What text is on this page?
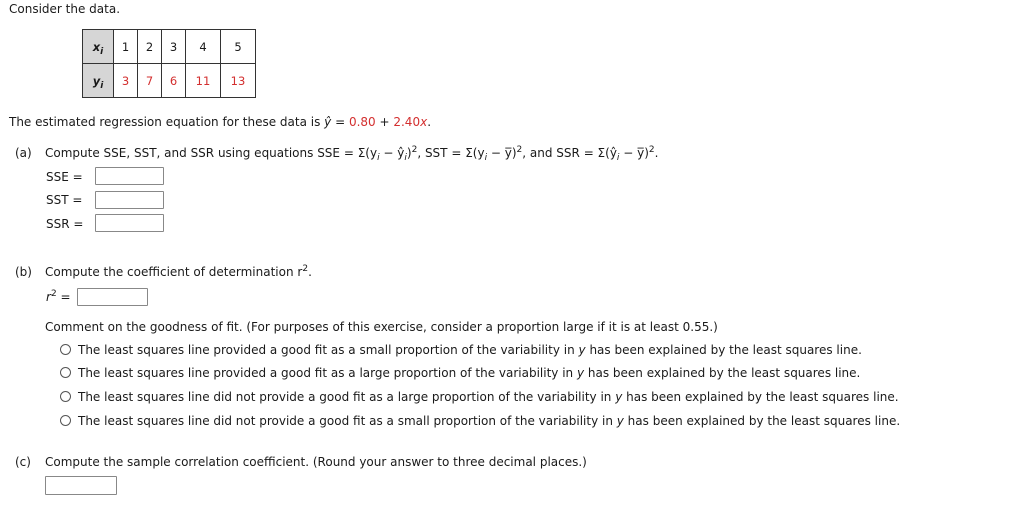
Consider the data.
$x_i$	1	2	3	4	5
$y_i$	3	7	6	11	13
The estimated regression equation for these data is ŷ = 0.80 + 2.40x.
(a) Compute SSE, SST, and SSR using equations SSE = $\Sigma(y_i$ − $ŷ_i)^2$, SST = $\Sigma(y_i$ − y̅)$^2$, and SSR = $\Sigma(ŷ_i$ − y̅)$^2$.
SSE =
SST =
SSR =
(b) Compute the coefficient of determination $r^2$.
$r^2$ =
Comment on the goodness of fit. (For purposes of this exercise, consider a proportion large if it is at least 0.55.)
The least squares line provided a good fit as a small proportion of the variability in y has been explained by the least squares line.
The least squares line provided a good fit as a large proportion of the variability in y has been explained by the least squares line.
The least squares line did not provide a good fit as a large proportion of the variability in y has been explained by the least squares line.
The least squares line did not provide a good fit as a small proportion of the variability in y has been explained by the least squares line.
(c) Compute the sample correlation coefficient. (Round your answer to three decimal places.)
